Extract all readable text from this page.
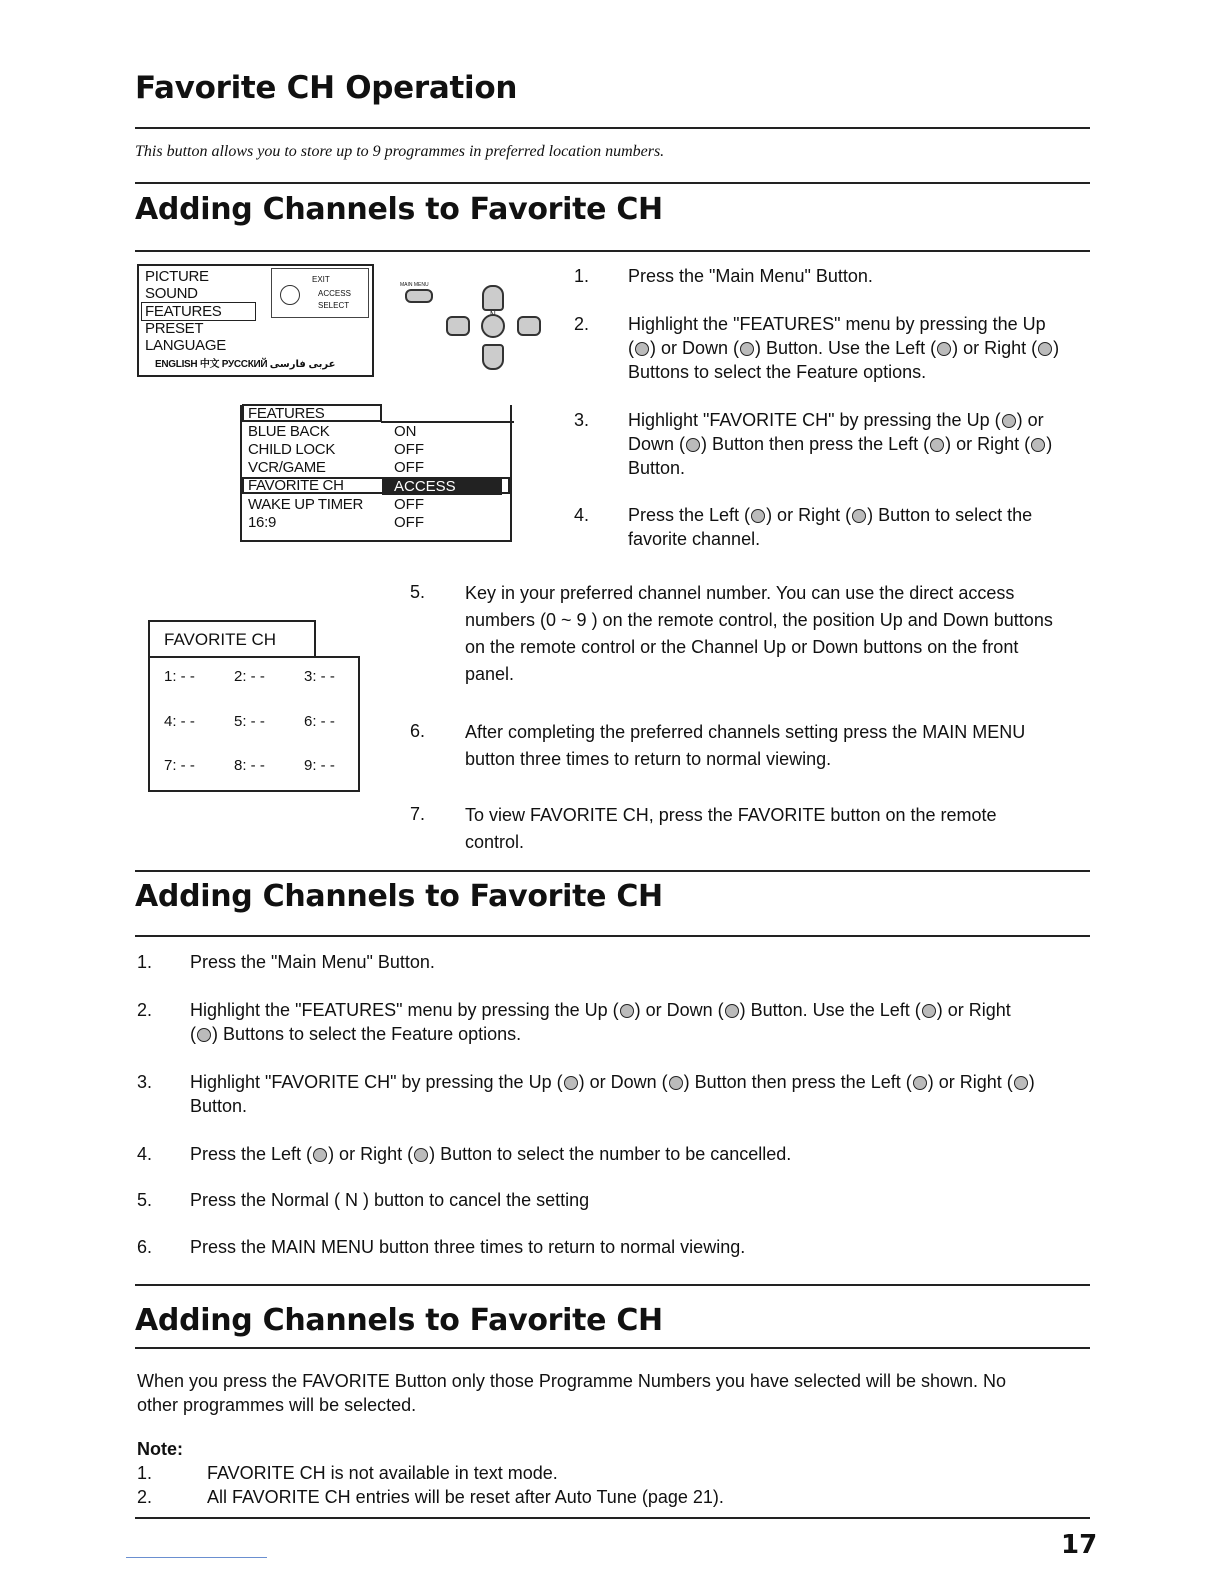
Favorite CH Operation
This button allows you to store up to 9 programmes in preferred location numbers.
Adding Channels to Favorite CH
PICTURE
SOUND
FEATURES
PRESET
LANGUAGE
ENGLISH 中文 РУССКИЙ عربى فارسى
EXIT
ACCESS
SELECT
MAIN MENU
FEATURES
BLUE BACK	ON
CHILD LOCK	OFF
VCR/GAME	OFF
FAVORITE CH	ACCESS
WAKE UP TIMER OFF
16:9	OFF
FAVORITE CH
1: - -	2: - -	3: - -
4: - -	5: - -	6: - -
7: - -	8: - -	9: - -
1. Press the "Main Menu" Button.
2. Highlight the "FEATURES" menu by pressing the Up
( ) or Down ( ) Button. Use the Left ( ) or Right ( )
Buttons to select the Feature options.
3. Highlight "FAVORITE CH" by pressing the Up ( ) or
Down ( ) Button then press the Left ( ) or Right ( )
Button.
4. Press the Left ( ) or Right ( ) Button to select the
favorite channel.
5. Key in your preferred channel number. You can use the direct access
numbers (0 ~ 9 ) on the remote control, the position Up and Down buttons
on the remote control or the Channel Up or Down buttons on the front
panel.
6. After completing the preferred channels setting press the MAIN MENU
button three times to return to normal viewing.
7. To view FAVORITE CH, press the FAVORITE button on the remote
control.
Adding Channels to Favorite CH
1. Press the "Main Menu" Button.
2. Highlight the "FEATURES" menu by pressing the Up ( ) or Down ( ) Button. Use the Left ( ) or Right
( ) Buttons to select the Feature options.
3. Highlight "FAVORITE CH" by pressing the Up ( ) or Down ( ) Button then press the Left ( ) or Right ( )
Button.
4. Press the Left ( ) or Right ( ) Button to select the number to be cancelled.
5. Press the Normal ( N ) button to cancel the setting
6. Press the MAIN MENU button three times to return to normal viewing.
Adding Channels to Favorite CH
When you press the FAVORITE Button only those Programme Numbers you have selected will be shown. No
other programmes will be selected.
Note:
1.	FAVORITE CH is not available in text mode.
2.	All FAVORITE CH entries will be reset after Auto Tune (page 21).
17
